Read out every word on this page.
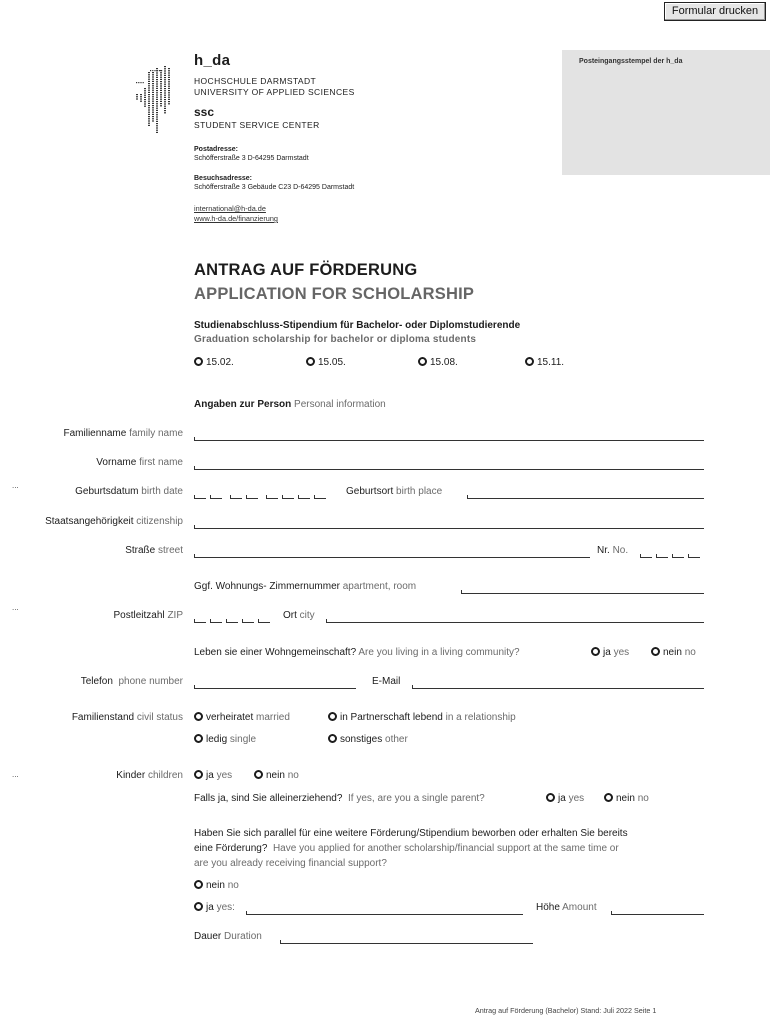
Formular drucken
Posteingangsstempel der h_da
h_da
HOCHSCHULE DARMSTADT
UNIVERSITY OF APPLIED SCIENCES
ssc
STUDENT SERVICE CENTER
Postadresse:
Schöfferstraße 3 D-64295 Darmstadt
Besuchsadresse:
Schöfferstraße 3 Gebäude C23 D-64295 Darmstadt
international@h-da.de
www.h-da.de/finanzierung
ANTRAG AUF FÖRDERUNG
APPLICATION FOR SCHOLARSHIP
Studienabschluss-Stipendium für Bachelor- oder Diplomstudierende
Graduation scholarship for bachelor or diploma students
15.02.	15.05.	15.08.	15.11.
Angaben zur Person Personal information
Familienname family name
Vorname first name
...
Geburtsdatum birth date	Geburtsort birth place
Staatsangehörigkeit citizenship
Straße street	Nr. No.
Ggf. Wohnungs- Zimmernummer apartment, room
...
Postleitzahl ZIP	Ort city
Leben sie einer Wohngemeinschaft? Are you living in a living community?	ja yes	nein no
Telefon phone number	E-Mail
Familienstand civil status	verheiratet married	in Partnerschaft lebend in a relationship
ledig single	sonstiges other
...	Kinder children	ja yes	nein no
Falls ja, sind Sie alleinerziehend? If yes, are you a single parent?	ja yes	nein no
Haben Sie sich parallel für eine weitere Förderung/Stipendium beworben oder erhalten Sie bereits
eine Förderung? Have you applied for another scholarship/financial support at the same time or
are you already receiving financial support?
nein no
ja yes:	Höhe Amount
Dauer Duration
Antrag auf Förderung (Bachelor) Stand: Juli 2022 Seite 1
